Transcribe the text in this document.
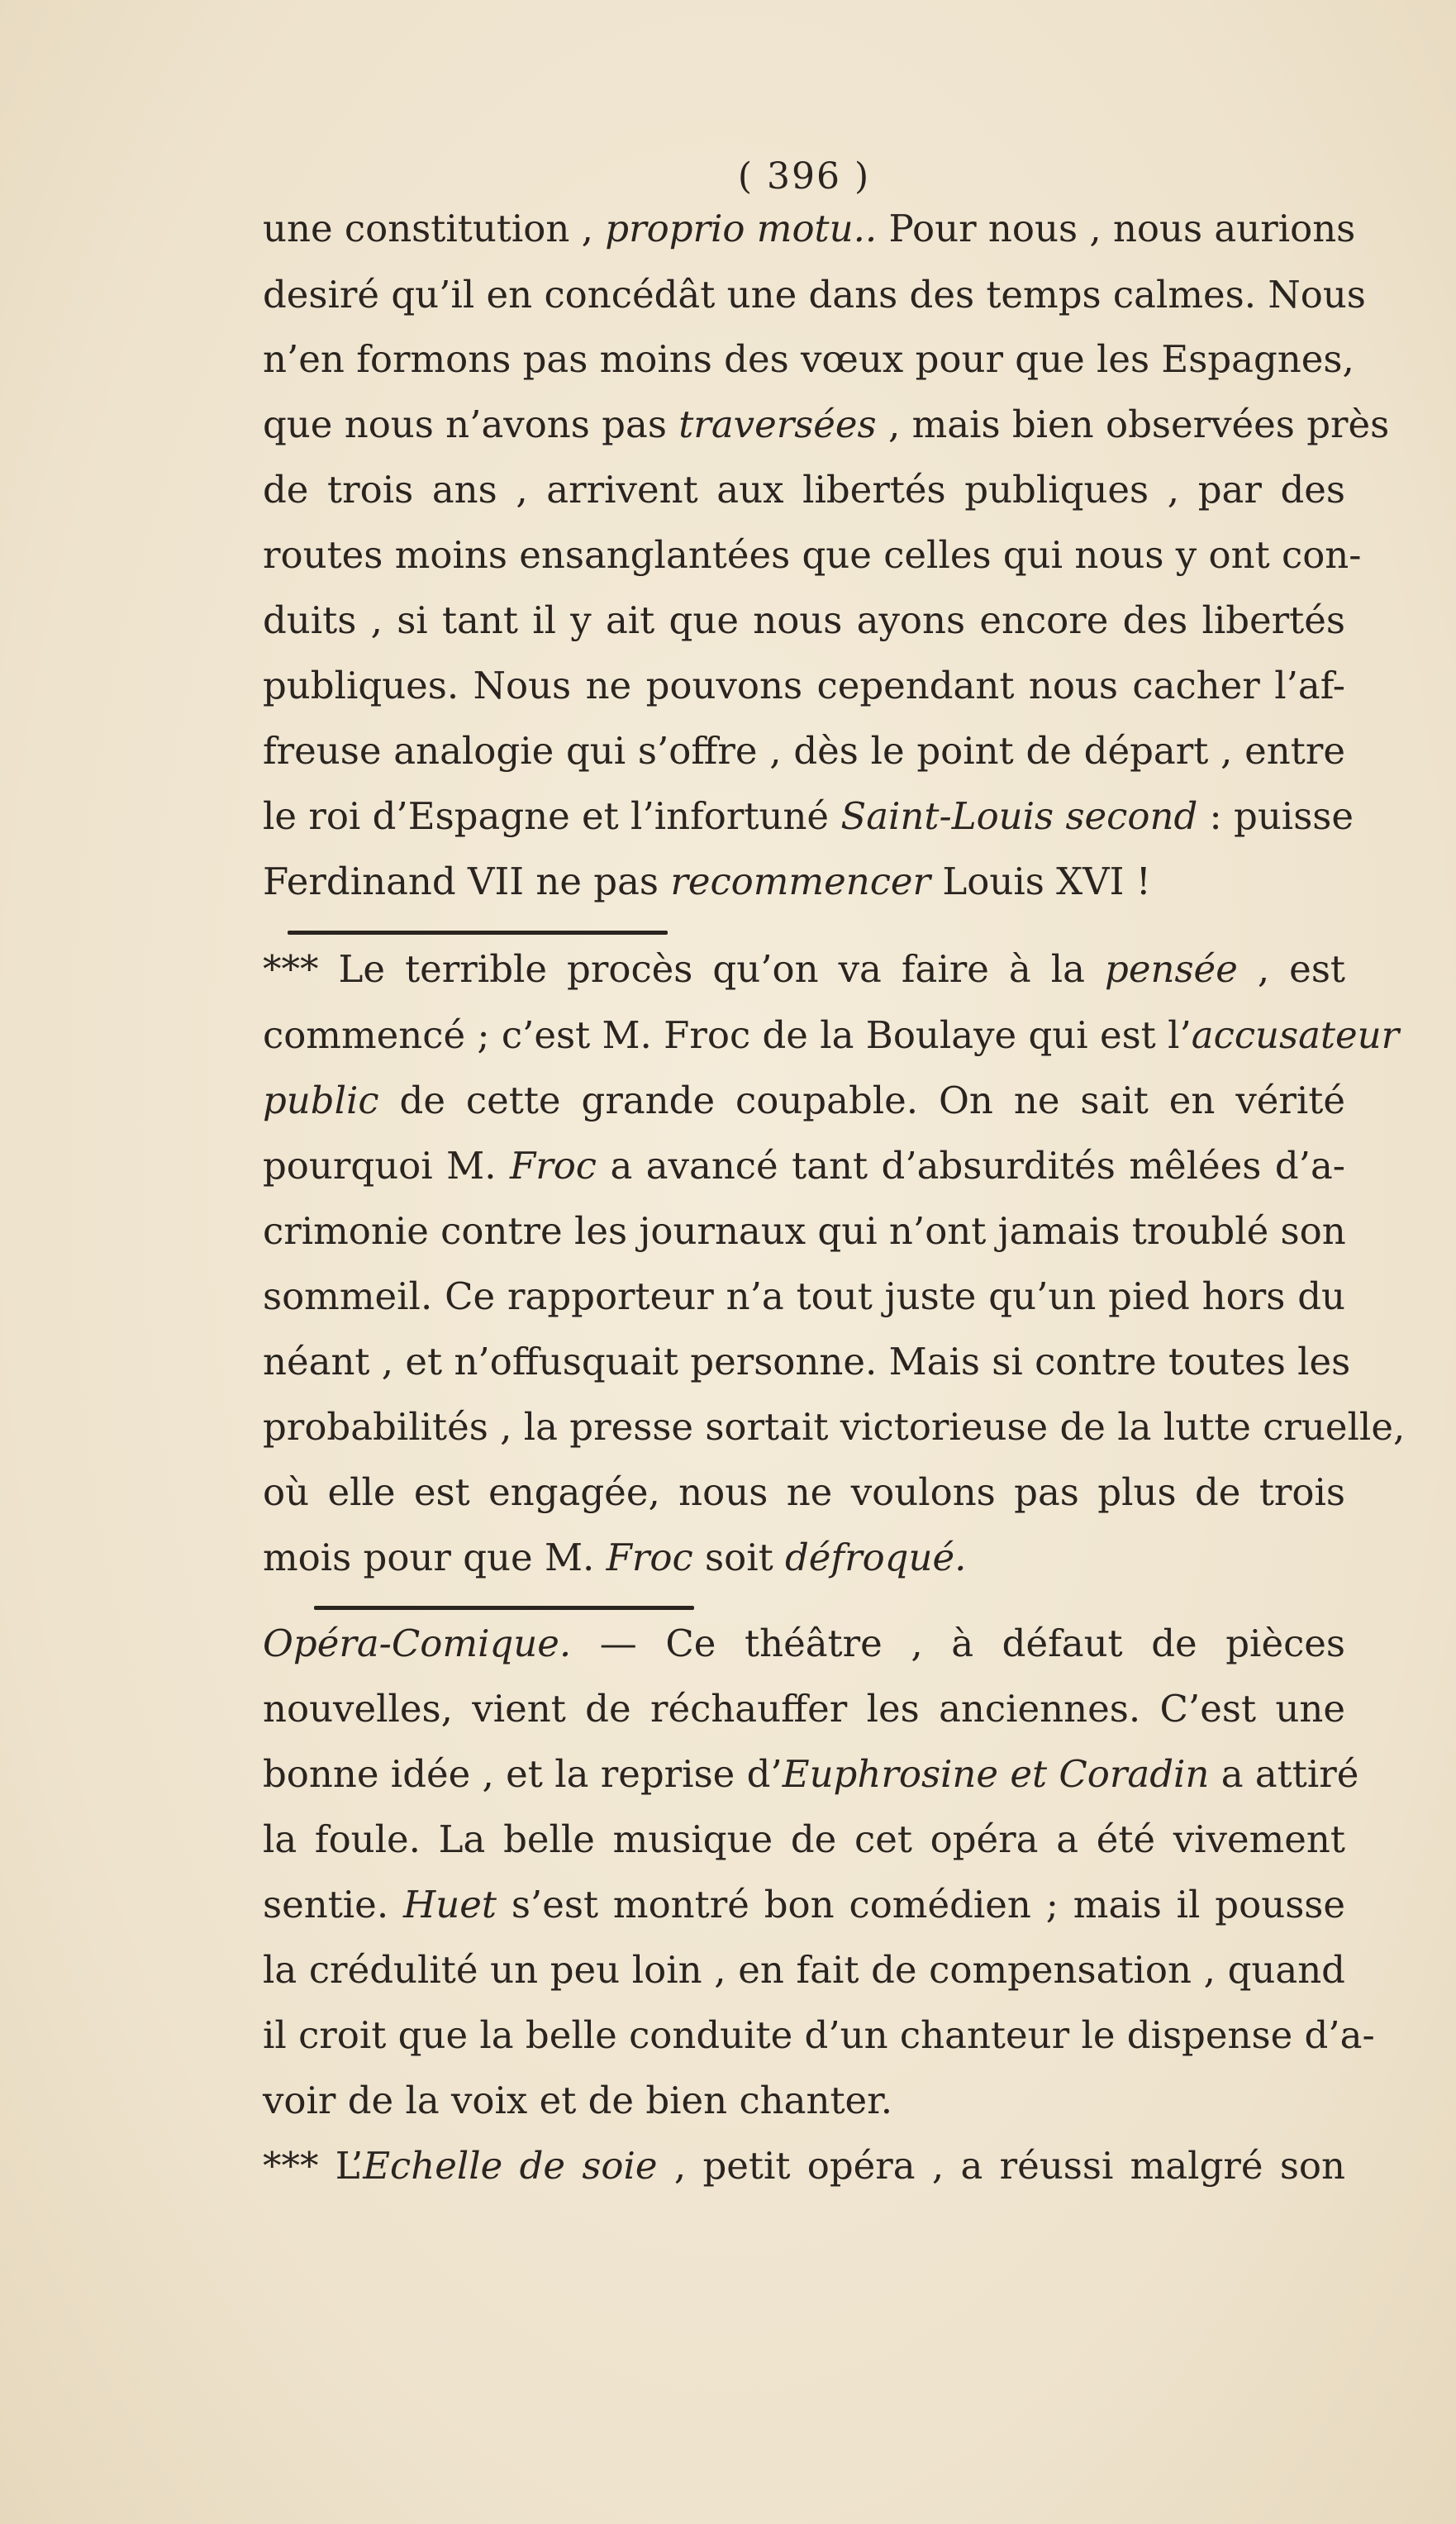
( 396 )
une constitution , proprio motu.. Pour nous , nous aurions
desiré qu’il en concédât une dans des temps calmes. Nous
n’en formons pas moins des vœux pour que les Espagnes,
que nous n’avons pas traversées , mais bien observées près
de trois ans , arrivent aux libertés publiques , par des
routes moins ensanglantées que celles qui nous y ont con-
duits , si tant il y ait que nous ayons encore des libertés
publiques. Nous ne pouvons cependant nous cacher l’af-
freuse analogie qui s’offre , dès le point de départ , entre
le roi d’Espagne et l’infortuné Saint-Louis second : puisse
Ferdinand VII ne pas recommencer Louis XVI !
*** Le terrible procès qu’on va faire à la pensée , est
commencé ; c’est M. Froc de la Boulaye qui est l’accusateur
public de cette grande coupable. On ne sait en vérité
pourquoi M. Froc a avancé tant d’absurdités mêlées d’a-
crimonie contre les journaux qui n’ont jamais troublé son
sommeil. Ce rapporteur n’a tout juste qu’un pied hors du
néant , et n’offusquait personne. Mais si contre toutes les
probabilités , la presse sortait victorieuse de la lutte cruelle,
où elle est engagée, nous ne voulons pas plus de trois
mois pour que M. Froc soit défroqué.
Opéra-Comique. — Ce théâtre , à défaut de pièces
nouvelles, vient de réchauffer les anciennes. C’est une
bonne idée , et la reprise d’Euphrosine et Coradin a attiré
la foule. La belle musique de cet opéra a été vivement
sentie. Huet s’est montré bon comédien ; mais il pousse
la crédulité un peu loin , en fait de compensation , quand
il croit que la belle conduite d’un chanteur le dispense d’a-
voir de la voix et de bien chanter.
*** L’Echelle de soie , petit opéra , a réussi malgré son
